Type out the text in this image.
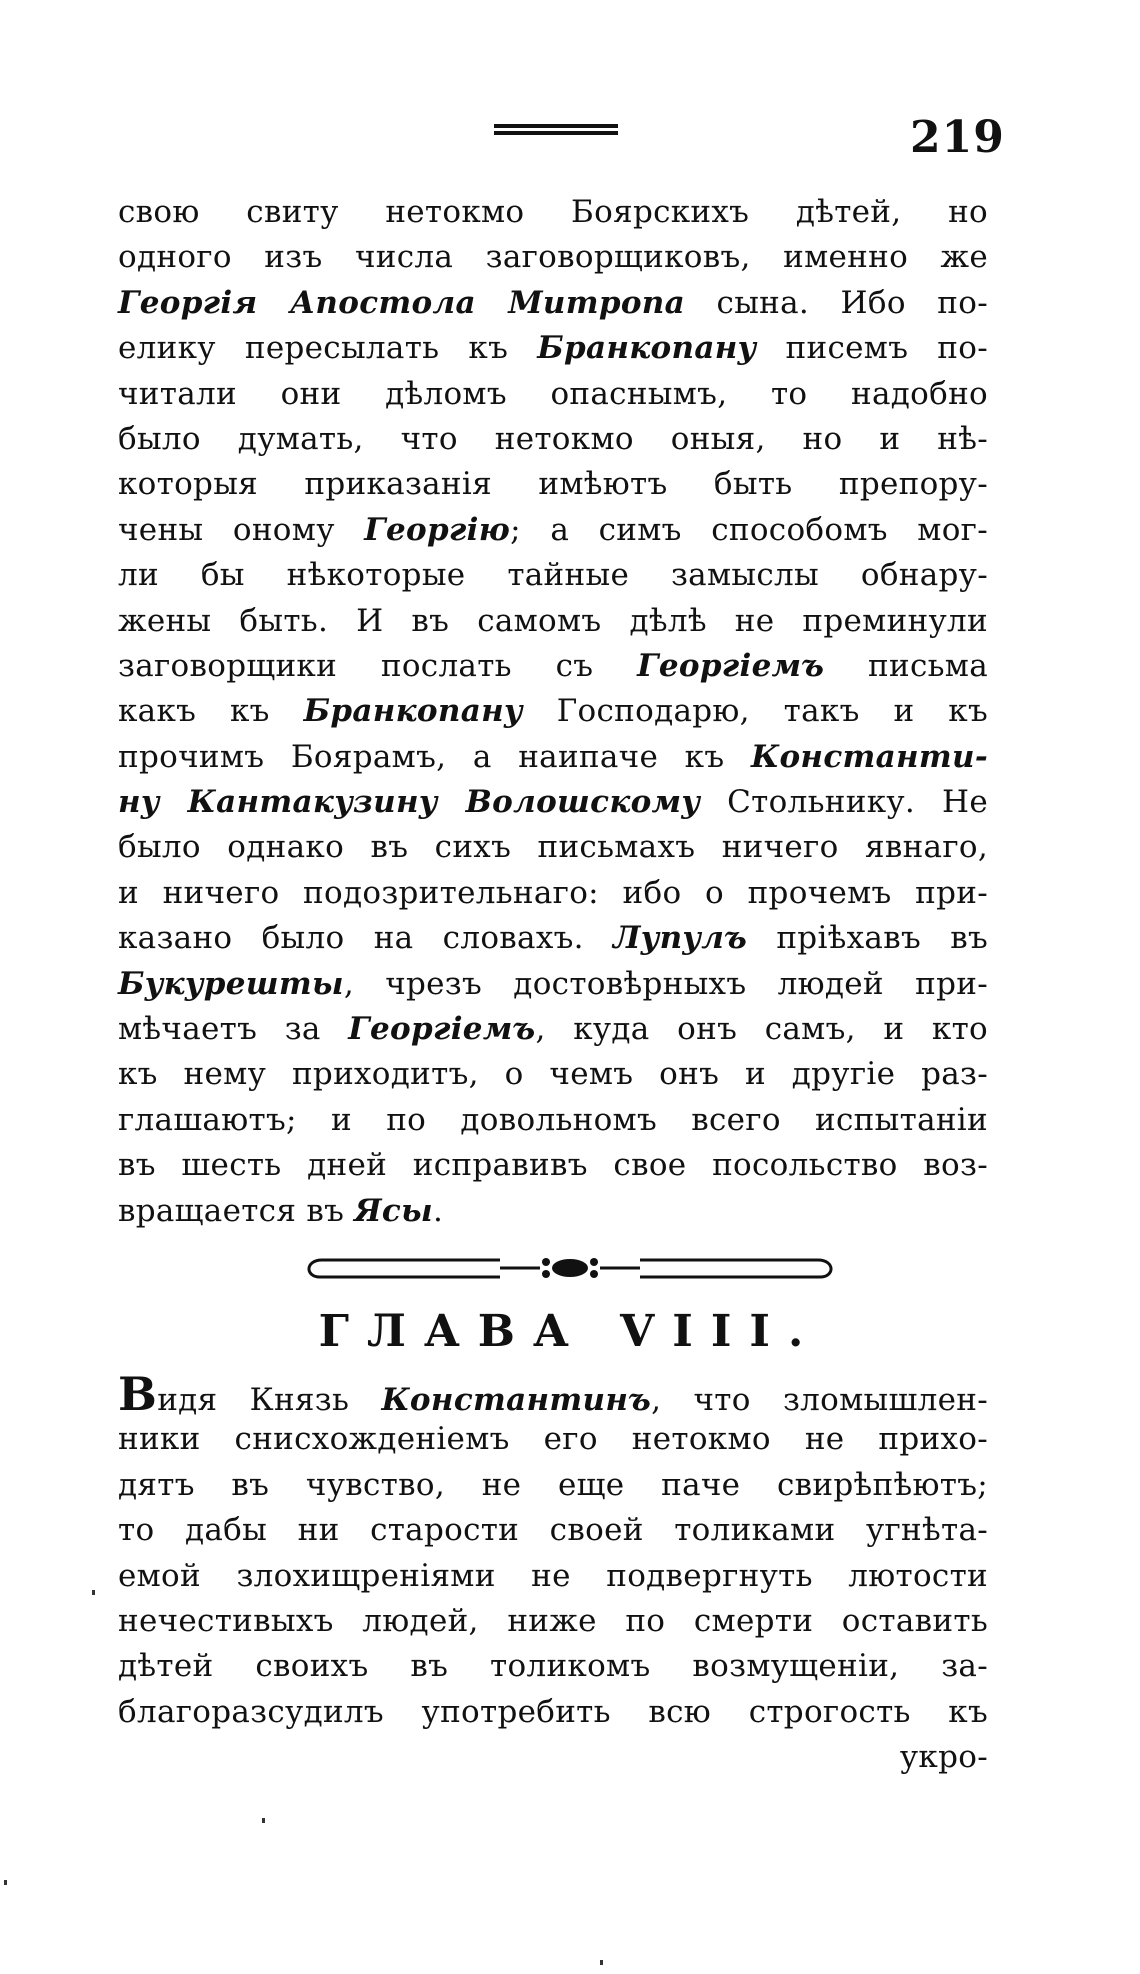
219
свою свиту нетокмо Боярскихъ дѣтей, но
одного изъ числа заговорщиковъ, именно же
Георгія Апостола Митропа сына. Ибо по-
елику пересылать къ Бранкопану писемъ по-
читали они дѣломъ опаснымъ, то надобно
было думать, что нетокмо оныя, но и нѣ-
которыя приказанія имѣютъ быть препору-
чены оному Георгію; а симъ способомъ мог-
ли бы нѣкоторые тайные замыслы обнару-
жены быть. И въ самомъ дѣлѣ не преминули
заговорщики послать съ Георгіемъ письма
какъ къ Бранкопану Господарю, такъ и къ
прочимъ Боярамъ, а наипаче къ Константи-
ну Кантакузину Волошскому Стольнику. Не
было однако въ сихъ письмахъ ничего явнаго,
и ничего подозрительнаго: ибо о прочемъ при-
казано было на словахъ. Лупулъ пріѣхавъ въ
Букурешты, чрезъ достовѣрныхъ людей при-
мѣчаетъ за Георгіемъ, куда онъ самъ, и кто
къ нему приходитъ, о чемъ онъ и другіе раз-
глашаютъ; и по довольномъ всего испытаніи
въ шесть дней исправивъ свое посольство воз-
вращается въ Ясы.
ГЛАВА VIII.
Видя Князь Константинъ, что зломышлен-
ники снисхожденіемъ его нетокмо не прихо-
дятъ въ чувство, не еще паче свирѣпѣютъ;
то дабы ни старости своей толиками угнѣта-
емой злохищреніями не подвергнуть лютости
нечестивыхъ людей, ниже по смерти оставить
дѣтей своихъ въ толикомъ возмущеніи, за-
благоразсудилъ употребить всю строгость къ
укро-
